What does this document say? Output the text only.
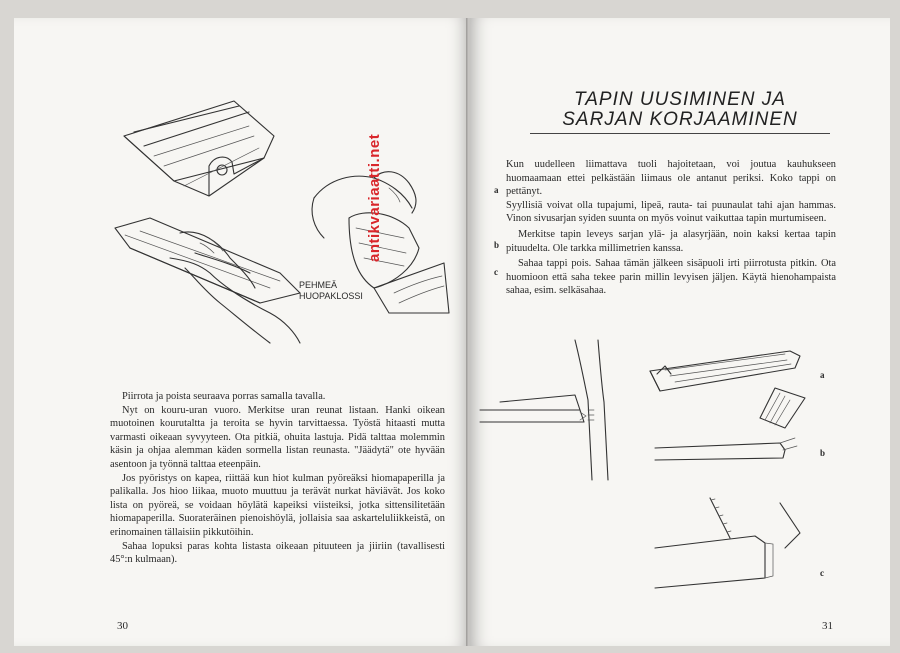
PEHMEÄ
HUOPAKLOSSI

Piirrota ja poista seuraava porras samalla tavalla.

Nyt on kouru-uran vuoro. Merkitse uran reunat listaan. Hanki oikean muotoinen kourutaltta ja teroita se hyvin tarvittaessa. Työstä hitaasti mutta varmasti oikeaan syvyyteen. Ota pitkiä, ohuita lastuja. Pidä talttaa molemmin käsin ja ohjaa alemman käden sormella listan reunasta. "Jäädytä" ote hyvään asentoon ja työnnä talttaa eteenpäin.

Jos pyöristys on kapea, riittää kun hiot kulman pyöreäksi hiomapaperilla ja palikalla. Jos hioo liikaa, muoto muuttuu ja terävät nurkat häviävät. Jos koko lista on pyöreä, se voidaan höylätä kapeiksi viisteiksi, jotka sittensilitetään hiomapaperilla. Suorateräinen pienoishöylä, jollaisia saa askarteluliikkeistä, on erinomainen tällaisiin pikkutöihin.

Sahaa lopuksi paras kohta listasta oikeaan pituuteen ja jiiriin (tavallisesti 45°:n kulmaan).

30
TAPIN UUSIMINEN JA
SARJAN KORJAAMINEN

Kun uudelleen liimattava tuoli hajoitetaan, voi joutua kauhukseen huomaamaan ettei pelkästään liimaus ole antanut periksi. Koko tappi on pettänyt.

Syyllisiä voivat olla tupajumi, lipeä, rauta- tai puunaulat tahi ajan hammas. Vinon sivusarjan syiden suunta on myös voinut vaikuttaa tapin murtumiseen.

Merkitse tapin leveys sarjan ylä- ja alasyrjään, noin kaksi kertaa tapin pituudelta. Ole tarkka millimetrien kanssa.

Sahaa tappi pois. Sahaa tämän jälkeen sisäpuoli irti piirrotusta pitkin. Ota huomioon että saha tekee parin millin levyisen jäljen. Käytä hienohampaista sahaa, esim. selkäsahaa.

a
b
c
a
b
c
31
antikvariaatti.net
